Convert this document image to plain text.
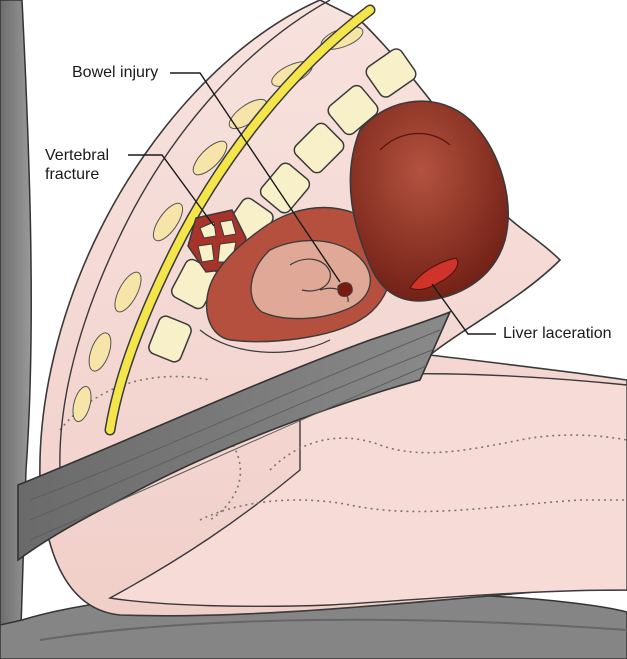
Bowel injury
Vertebral
fracture
Liver laceration
